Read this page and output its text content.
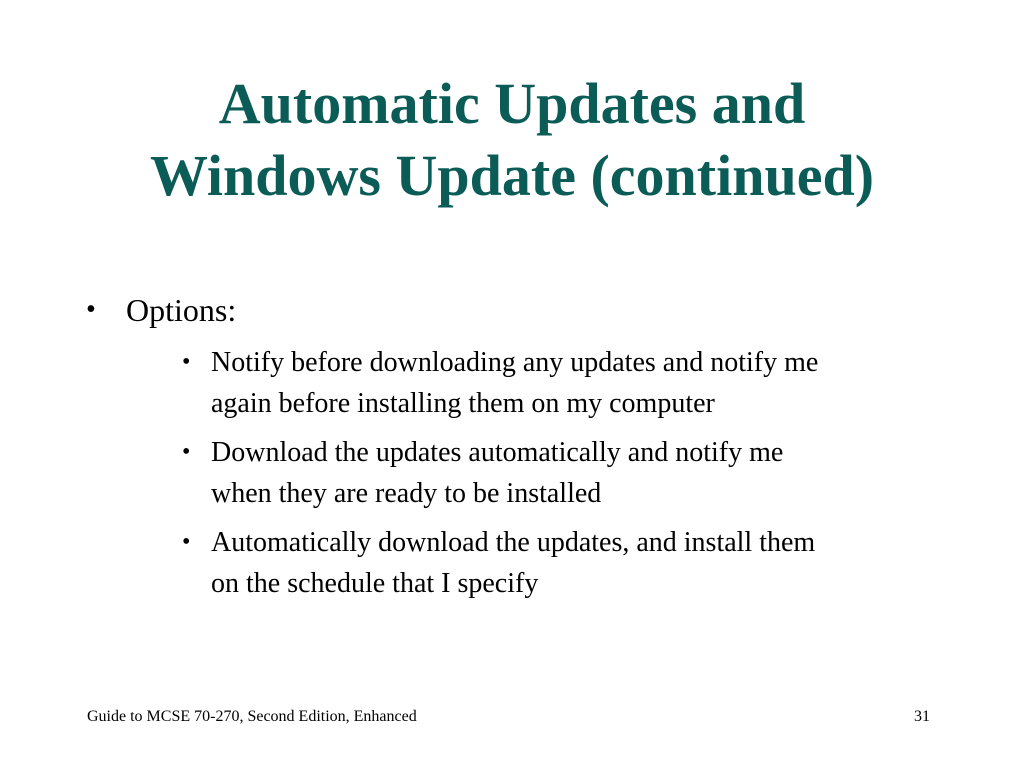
Automatic Updates and
Windows Update (continued)
• Options:
• Notify before downloading any updates and notify me
again before installing them on my computer
• Download the updates automatically and notify me
when they are ready to be installed
• Automatically download the updates, and install them
on the schedule that I specify
Guide to MCSE 70-270, Second Edition, Enhanced	31
